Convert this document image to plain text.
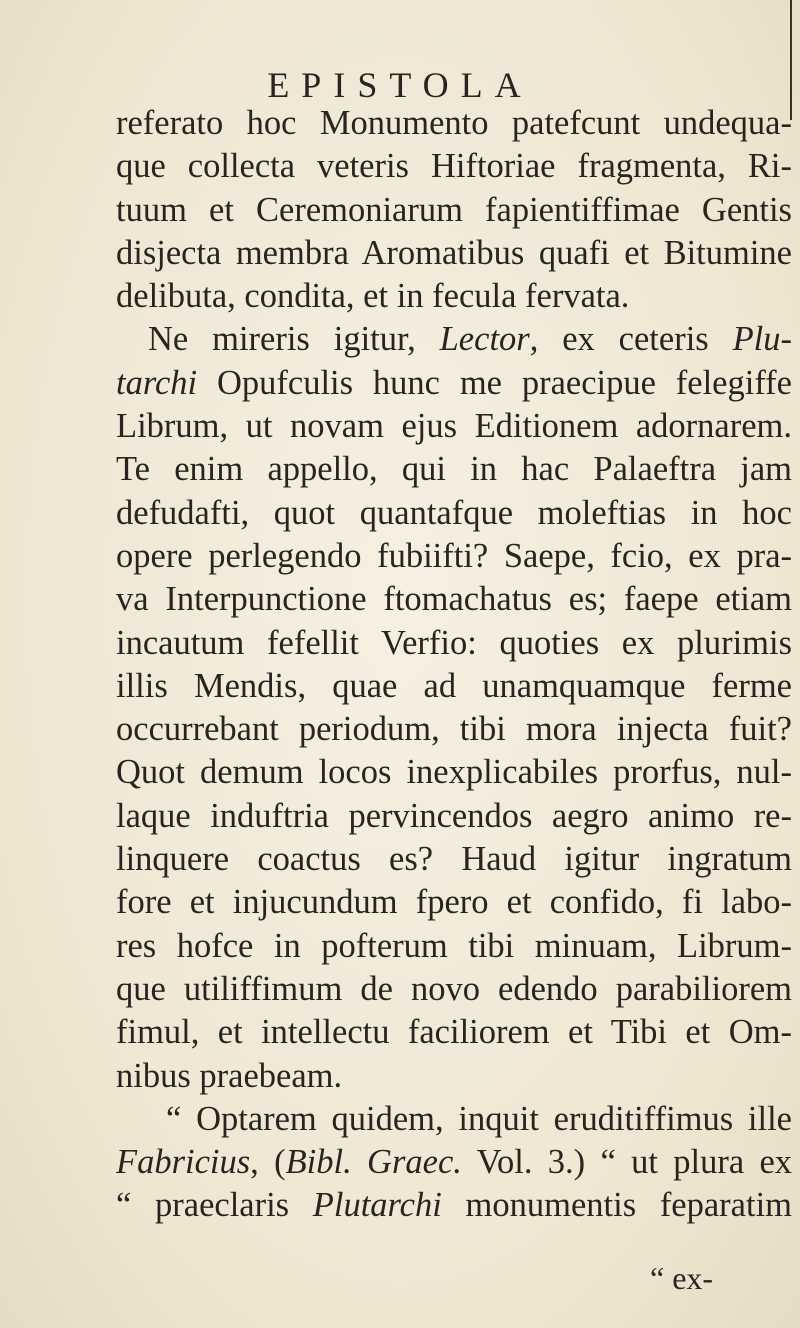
EPISTOLA
referato hoc Monumento patefcunt undequa-
que collecta veteris Hiftoriae fragmenta, Ri-
tuum et Ceremoniarum fapientiffimae Gentis
disjecta membra Aromatibus quafi et Bitumine
delibuta, condita, et in fecula fervata.
Ne mireris igitur, Lector, ex ceteris Plu-
tarchi Opufculis hunc me praecipue felegiffe
Librum, ut novam ejus Editionem adornarem.
Te enim appello, qui in hac Palaeftra jam
defudafti, quot quantafque moleftias in hoc
opere perlegendo fubiifti? Saepe, fcio, ex pra-
va Interpunctione ftomachatus es; faepe etiam
incautum fefellit Verfio: quoties ex plurimis
illis Mendis, quae ad unamquamque ferme
occurrebant periodum, tibi mora injecta fuit?
Quot demum locos inexplicabiles prorfus, nul-
laque induftria pervincendos aegro animo re-
linquere coactus es? Haud igitur ingratum
fore et injucundum fpero et confido, fi labo-
res hofce in pofterum tibi minuam, Librum-
que utiliffimum de novo edendo parabiliorem
fimul, et intellectu faciliorem et Tibi et Om-
nibus praebeam.
“ Optarem quidem, inquit eruditiffimus ille
Fabricius, (Bibl. Graec. Vol. 3.) “ ut plura ex
“ praeclaris Plutarchi monumentis feparatim
“ ex-
